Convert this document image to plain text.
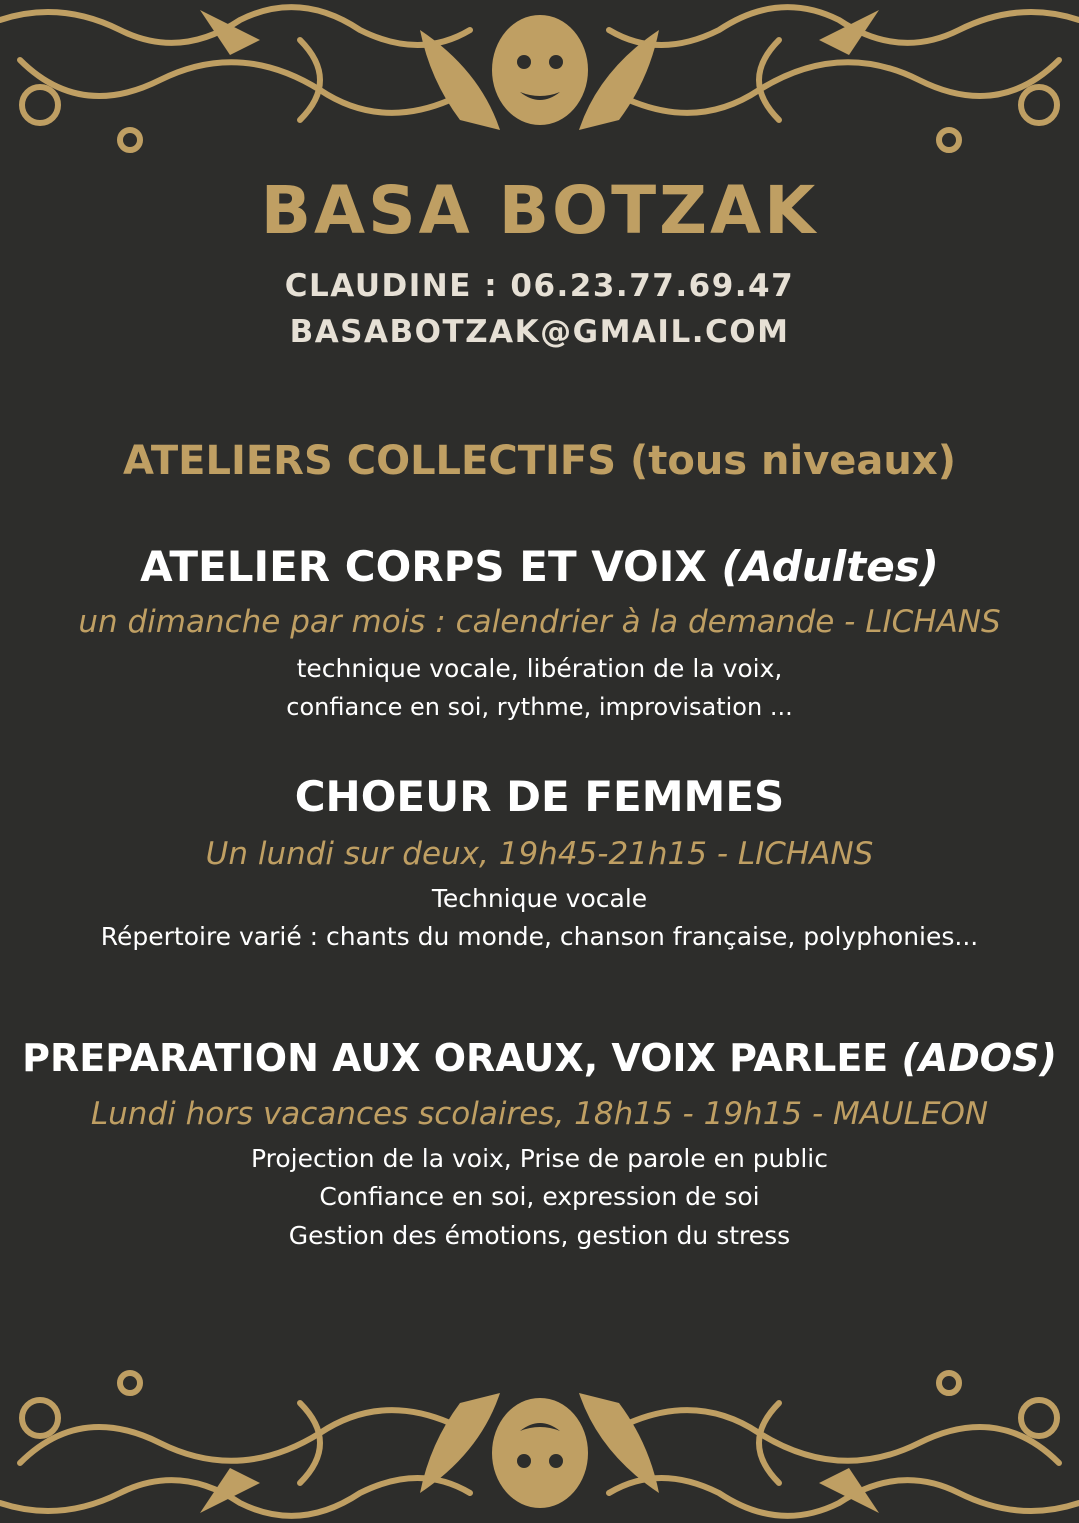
BASA BOTZAK
CLAUDINE : 06.23.77.69.47
BASABOTZAK@GMAIL.COM
ATELIERS COLLECTIFS (tous niveaux)
ATELIER CORPS ET VOIX (Adultes)
un dimanche par mois : calendrier à la demande - LICHANS
technique vocale, libération de la voix,
confiance en soi, rythme, improvisation ...
CHOEUR DE FEMMES
Un lundi sur deux, 19h45-21h15 - LICHANS
Technique vocale
Répertoire varié : chants du monde, chanson française, polyphonies...
PREPARATION AUX ORAUX, VOIX PARLEE (ADOS)
Lundi hors vacances scolaires, 18h15 - 19h15 - MAULEON
Projection de la voix, Prise de parole en public
Confiance en soi, expression de soi
Gestion des émotions, gestion du stress
